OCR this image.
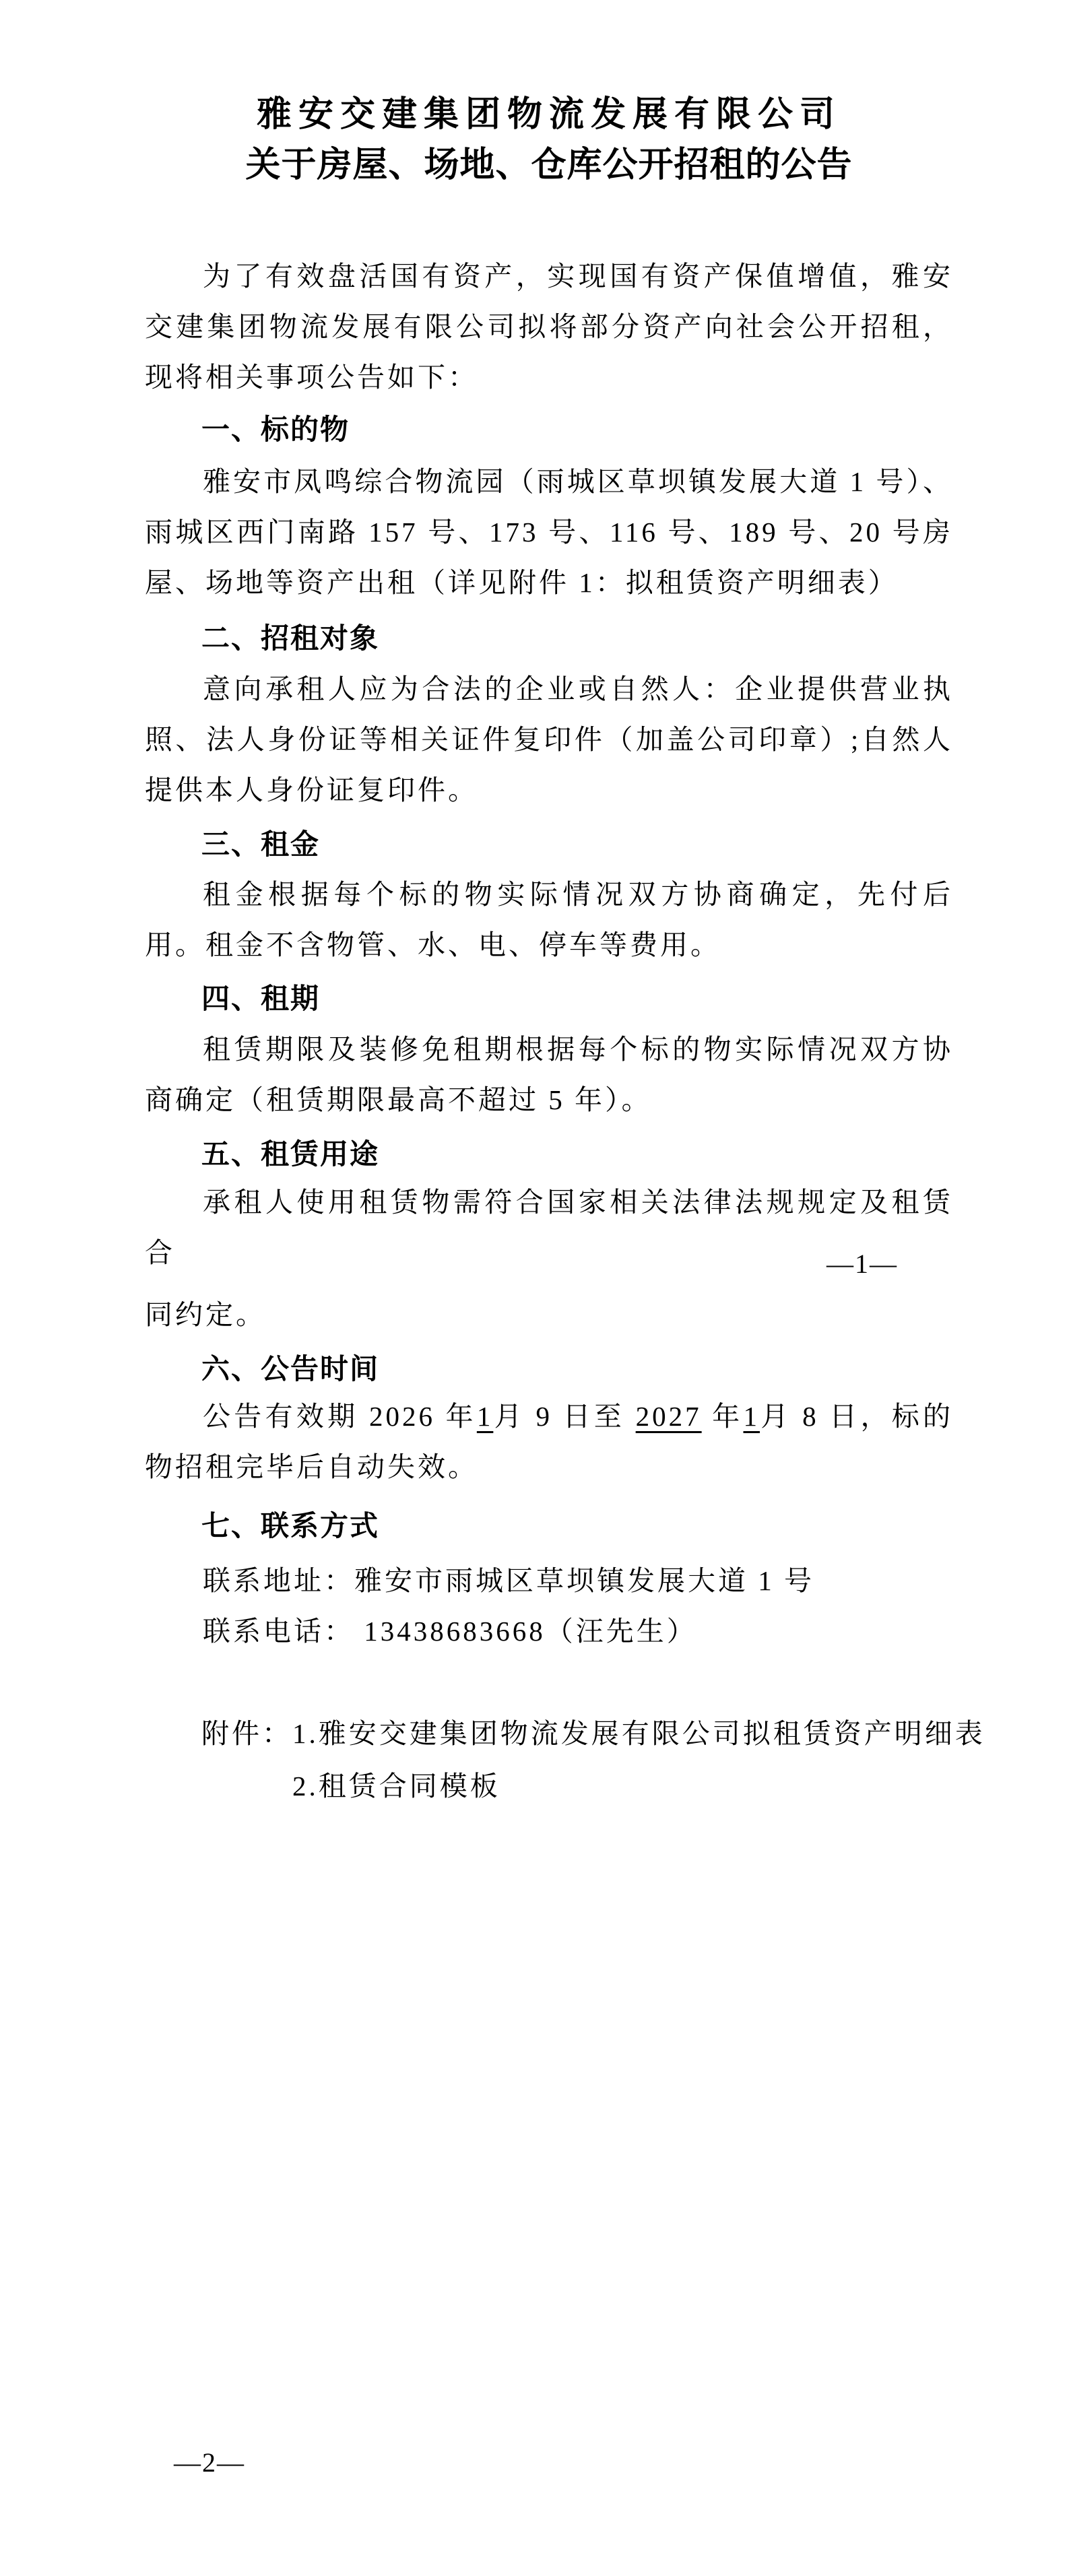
雅安交建集团物流发展有限公司
关于房屋、场地、仓库公开招租的公告
为了有效盘活国有资产，实现国有资产保值增值，雅安交建集团物流发展有限公司拟将部分资产向社会公开招租，现将相关事项公告如下：
一、标的物
雅安市凤鸣综合物流园（雨城区草坝镇发展大道 1 号）、雨城区西门南路 157 号、173 号、116 号、189 号、20 号房屋、场地等资产出租（详见附件 1：拟租赁资产明细表）
二、招租对象
意向承租人应为合法的企业或自然人：企业提供营业执照、法人身份证等相关证件复印件（加盖公司印章）;自然人提供本人身份证复印件。
三、租金
租金根据每个标的物实际情况双方协商确定，先付后用。租金不含物管、水、电、停车等费用。
四、租期
租赁期限及装修免租期根据每个标的物实际情况双方协商确定（租赁期限最高不超过 5 年）。
五、租赁用途
承租人使用租赁物需符合国家相关法律法规规定及租赁合	—1—
同约定。
六、公告时间
公告有效期 2026 年1月 9 日至 2027 年1月 8 日，标的物招租完毕后自动失效。
七、联系方式
联系地址：雅安市雨城区草坝镇发展大道 1 号
联系电话： 13438683668（汪先生）
附件： 1.雅安交建集团物流发展有限公司拟租赁资产明细表
2.租赁合同模板
—2—
